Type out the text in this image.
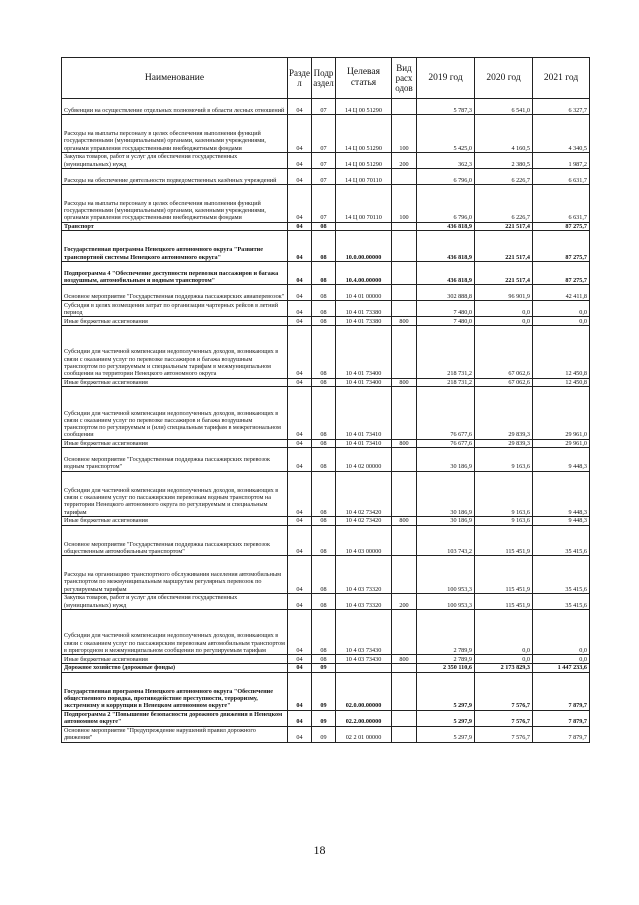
Наименование	Разде л	Подр аздел	Целевая статья	Вид расх одов	2019 год	2020 год	2021 год
Субвенции на осуществление отдельных полномочий в области лесных отношений	04	07	14 Ц 00 51290		5 787,3	6 541,0	6 327,7
Расходы на выплаты персоналу в целях обеспечения выполнения функций государственными (муниципальными) органами, казенными учреждениями, органами управления государственными внебюджетными фондами	04	07	14 Ц 00 51290	100	5 425,0	4 160,5	4 340,5
Закупка товаров, работ и услуг для обеспечения государственных (муниципальных) нужд	04	07	14 Ц 00 51290	200	362,3	2 380,5	1 987,2
Расходы на обеспечение деятельности подведомственных казённых учреждений	04	07	14 Ц 00 70110		6 796,0	6 226,7	6 631,7
Расходы на выплаты персоналу в целях обеспечения выполнения функций государственными (муниципальными) органами, казенными учреждениями, органами управления государственными внебюджетными фондами	04	07	14 Ц 00 70110	100	6 796,0	6 226,7	6 631,7
Транспорт	04	08			436 818,9	221 517,4	87 275,7
Государственная программа Ненецкого автономного округа "Развитие транспортной системы Ненецкого автономного округа"	04	08	10.0.00.00000		436 818,9	221 517,4	87 275,7
Подпрограмма 4 "Обеспечение доступности перевозки пассажиров и багажа воздушным, автомобильным и водным транспортом"	04	08	10.4.00.00000		436 818,9	221 517,4	87 275,7
Основное мероприятие "Государственная поддержка пассажирских авиаперевозок"	04	08	10 4 01 00000		302 888,8	96 901,9	42 411,8
Субсидия в целях возмещения затрат по организации чартерных рейсов в летний период	04	08	10 4 01 73380		7 480,0	0,0	0,0
Иные бюджетные ассигнования	04	08	10 4 01 73380	800	7 480,0	0,0	0,0
Субсидии для частичной компенсации недополученных доходов, возникающих в связи с оказанием услуг по перевозке пассажиров и багажа воздушным транспортом по регулируемым и специальным тарифам в межмуниципальном сообщении на территории Ненецкого автономного округа	04	08	10 4 01 73400		218 731,2	67 062,6	12 450,8
Иные бюджетные ассигнования	04	08	10 4 01 73400	800	218 731,2	67 062,6	12 450,8
Субсидии для частичной компенсации недополученных доходов, возникающих в связи с оказанием услуг по перевозке пассажиров и багажа воздушным транспортом по регулируемым и (или) специальным тарифам в межрегиональном сообщении	04	08	10 4 01 73410		76 677,6	29 839,3	29 961,0
Иные бюджетные ассигнования	04	08	10 4 01 73410	800	76 677,6	29 839,3	29 961,0
Основное мероприятие "Государственная поддержка пассажирских перевозок водным транспортом"	04	08	10 4 02 00000		30 186,9	9 163,6	9 448,3
Субсидии для частичной компенсации недополученных доходов, возникающих в связи с оказанием услуг по пассажирским перевозкам водным транспортом на территории Ненецкого автономного округа по регулируемым и специальным тарифам	04	08	10 4 02 73420		30 186,9	9 163,6	9 448,3
Иные бюджетные ассигнования	04	08	10 4 02 73420	800	30 186,9	9 163,6	9 448,3
Основное мероприятие "Государственная поддержка пассажирских перевозок общественным автомобильным транспортом"	04	08	10 4 03 00000		103 743,2	115 451,9	35 415,6
Расходы на организацию транспортного обслуживания населения автомобильным транспортом по межмуниципальным маршрутам регулярных перевозок по регулируемым тарифам	04	08	10 4 03 73320		100 953,3	115 451,9	35 415,6
Закупка товаров, работ и услуг для обеспечения государственных (муниципальных) нужд	04	08	10 4 03 73320	200	100 953,3	115 451,9	35 415,6
Субсидии для частичной компенсации недополученных доходов, возникающих в связи с оказанием услуг по пассажирским перевозкам автомобильным транспортом в пригородном и межмуниципальном сообщении по регулируемым тарифам	04	08	10 4 03 73430		2 789,9	0,0	0,0
Иные бюджетные ассигнования	04	08	10 4 03 73430	800	2 789,9	0,0	0,0
Дорожное хозяйство (дорожные фонды)	04	09			2 350 110,6	2 173 829,3	1 447 233,6
Государственная программа Ненецкого автономного округа "Обеспечение общественного порядка, противодействие преступности, терроризму, экстремизму и коррупции в Ненецком автономном округе"	04	09	02.0.00.00000		5 297,9	7 576,7	7 879,7
Подпрограмма 2 "Повышение безопасности дорожного движения в Ненецком автономном округе"	04	09	02.2.00.00000		5 297,9	7 576,7	7 879,7
Основное мероприятие "Предупреждение нарушений правил дорожного движения"	04	09	02 2 01 00000		5 297,9	7 576,7	7 879,7
18
